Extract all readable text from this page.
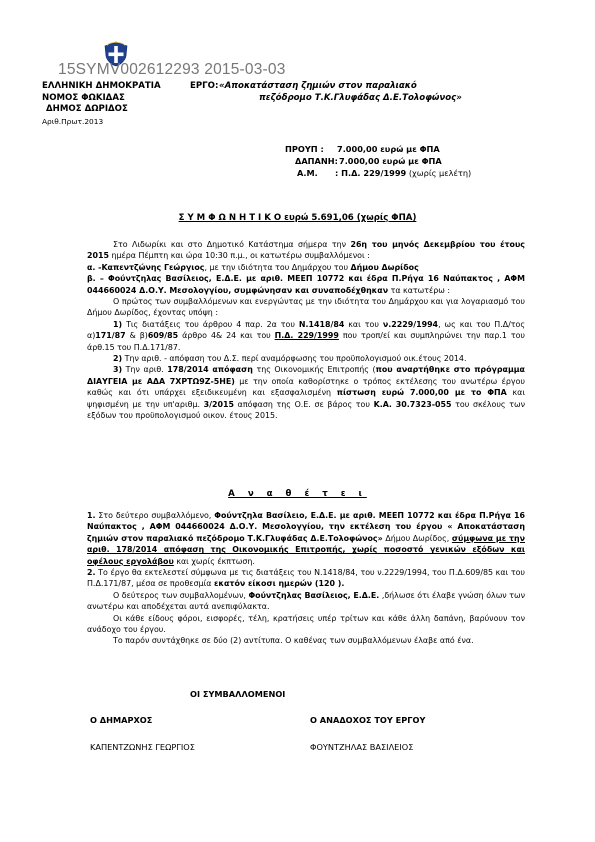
15SYMV002612293 2015-03-03
ΕΛΛΗΝΙΚΗ ΔΗΜΟΚΡΑΤΙΑ
ΝΟΜΟΣ ΦΩΚΙΔΑΣ
ΔΗΜΟΣ ΔΩΡΙΔΟΣ
Αριθ.Πρωτ.2013
ΕΡΓΟ: «Αποκατάσταση ζημιών στον παραλιακό
πεζόδρομο Τ.Κ.Γλυφάδας Δ.Ε.Τολοφώνος»
ΠΡΟΥΠ : 7.000,00 ευρώ με ΦΠΑ
ΔΑΠΑΝΗ:7.000,00 ευρώ με ΦΠΑ
Α.Μ. : Π.Δ. 229/1999 (χωρίς μελέτη)
Σ Υ Μ Φ Ω Ν Η Τ Ι Κ Ο ευρώ 5.691,06 (χωρίς ΦΠΑ)

Στο Λιδωρίκι και στο Δημοτικό Κατάστημα σήμερα την 26η του μηνός Δεκεμβρίου του έτους 2015 ημέρα Πέμπτη και ώρα 10:30 π.μ., οι κατωτέρω συμβαλλόμενοι :

α. -Καπεντζώνης Γεώργιος, με την ιδιότητα του Δημάρχου του Δήμου Δωρίδος

β. – Φούντζηλας Βασίλειος, Ε.Δ.Ε. με αριθ. ΜΕΕΠ 10772 και έδρα Π.Ρήγα 16 Ναύπακτος , ΑΦΜ 044660024 Δ.Ο.Υ. Μεσολογγίου, συμφώνησαν και συναποδέχθηκαν τα κατωτέρω :

Ο πρώτος των συμβαλλόμενων και ενεργώντας με την ιδιότητα του Δημάρχου και για λογαριασμό του Δήμου Δωρίδος, έχοντας υπόψη :

1) Τις διατάξεις του άρθρου 4 παρ. 2α του Ν.1418/84 και του ν.2229/1994, ως και του Π.Δ/τος α)171/87 & β)609/85 άρθρο 4& 24 και του Π.Δ. 229/1999 που τροπ/εί και συμπληρώνει την παρ.1 του άρθ.15 του Π.Δ.171/87.

2) Την αριθ. - απόφαση του Δ.Σ. περί αναμόρφωσης του προϋπολογισμού οικ.έτους 2014.

3) Την αριθ. 178/2014 απόφαση της Οικονομικής Επιτροπής (που αναρτήθηκε στο πρόγραμμα ΔΙΑΥΓΕΙΑ με ΑΔΑ 7ΧΡΤΩ9Ζ-5ΗΕ) με την οποία καθορίστηκε ο τρόπος εκτέλεσης του ανωτέρω έργου καθώς και ότι υπάρχει εξειδικευμένη και εξασφαλισμένη πίστωση ευρώ 7.000,00 με το ΦΠΑ και ψηφισμένη με την υπ'αριθμ. 3/2015 απόφαση της Ο.Ε. σε βάρος του Κ.Α. 30.7323-055 του σκέλους των εξόδων του προϋπολογισμού οικον. έτους 2015.

Α ν α θ έ τ ε ι

1. Στο δεύτερο συμβαλλόμενο, Φούντζηλα Βασίλειο, Ε.Δ.Ε. με αριθ. ΜΕΕΠ 10772 και έδρα Π.Ρήγα 16 Ναύπακτος , ΑΦΜ 044660024 Δ.Ο.Υ. Μεσολογγίου, την εκτέλεση του έργου « Αποκατάσταση ζημιών στον παραλιακό πεζόδρομο Τ.Κ.Γλυφάδας Δ.Ε.Τολοφώνος» Δήμου Δωρίδος, σύμφωνα με την αριθ. 178/2014 απόφαση της Οικονομικής Επιτροπής, χωρίς ποσοστό γενικών εξόδων και οφέλους εργολάβου και χωρίς έκπτωση.

2. Το έργο θα εκτελεστεί σύμφωνα με τις διατάξεις του Ν.1418/84, του ν.2229/1994, του Π.Δ.609/85 και του Π.Δ.171/87, μέσα σε προθεσμία εκατόν είκοσι ημερών (120 ).

Ο δεύτερος των συμβαλλομένων, Φούντζηλας Βασίλειος, Ε.Δ.Ε. ,δήλωσε ότι έλαβε γνώση όλων των ανωτέρω και αποδέχεται αυτά ανεπιφύλακτα.

Οι κάθε είδους φόροι, εισφορές, τέλη, κρατήσεις υπέρ τρίτων και κάθε άλλη δαπάνη, βαρύνουν τον ανάδοχο του έργου.

Το παρόν συντάχθηκε σε δύο (2) αντίτυπα. Ο καθένας των συμβαλλόμενων έλαβε από ένα.

ΟΙ ΣΥΜΒΑΛΛΟΜΕΝΟΙ
Ο ΔΗΜΑΡΧΟΣ	Ο ΑΝΑΔΟΧΟΣ ΤΟΥ ΕΡΓΟΥ
ΚΑΠΕΝΤΖΩΝΗΣ ΓΕΩΡΓΙΟΣ	ΦΟΥΝΤΖΗΛΑΣ ΒΑΣΙΛΕΙΟΣ
